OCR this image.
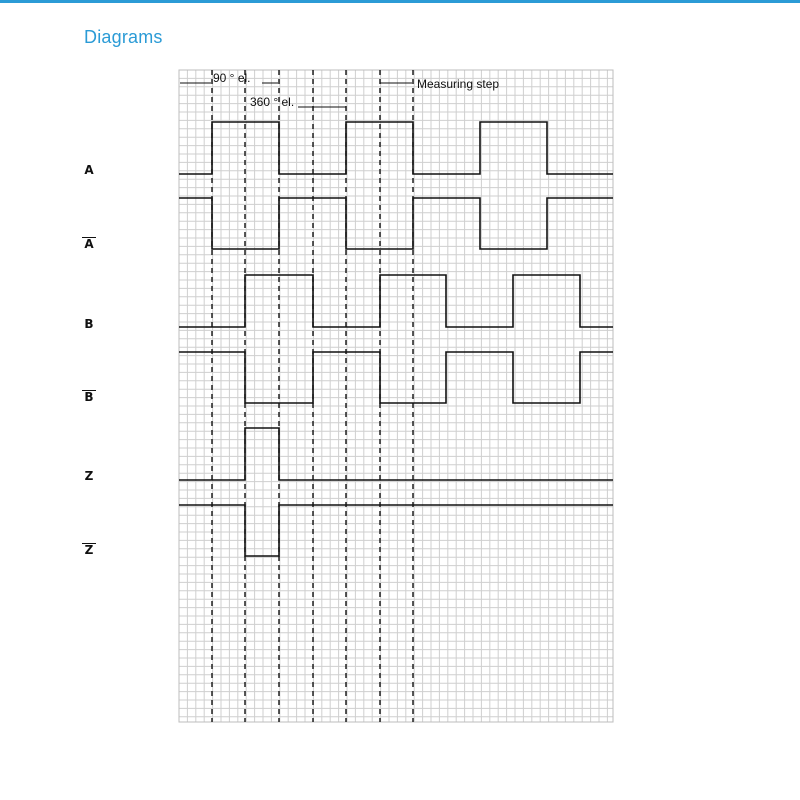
Diagrams
A
A
B
B
Z
Z
90 ° el.
360 ° el.
Measuring step
